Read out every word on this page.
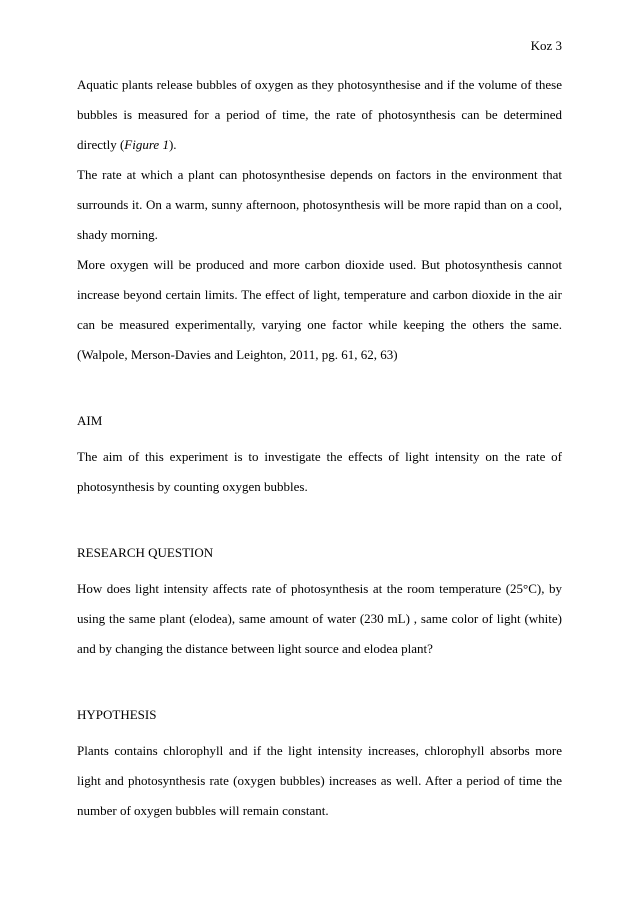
Koz 3

Aquatic plants release bubbles of oxygen as they photosynthesise and if the volume of these bubbles is measured for a period of time, the rate of photosynthesis can be determined directly (Figure 1).

The rate at which a plant can photosynthesise depends on factors in the environment that surrounds it. On a warm, sunny afternoon, photosynthesis will be more rapid than on a cool, shady morning.

More oxygen will be produced and more carbon dioxide used. But photosynthesis cannot increase beyond certain limits. The effect of light, temperature and carbon dioxide in the air can be measured experimentally, varying one factor while keeping the others the same. (Walpole, Merson-Davies and Leighton, 2011, pg. 61, 62, 63)

AIM

The aim of this experiment is to investigate the effects of light intensity on the rate of photosynthesis by counting oxygen bubbles.

RESEARCH QUESTION

How does light intensity affects rate of photosynthesis at the room temperature (25°C), by using the same plant (elodea), same amount of water (230 mL) , same color of light (white) and by changing the distance between light source and elodea plant?

HYPOTHESIS

Plants contains chlorophyll and if the light intensity increases, chlorophyll absorbs more light and photosynthesis rate (oxygen bubbles) increases as well. After a period of time the number of oxygen bubbles will remain constant.
